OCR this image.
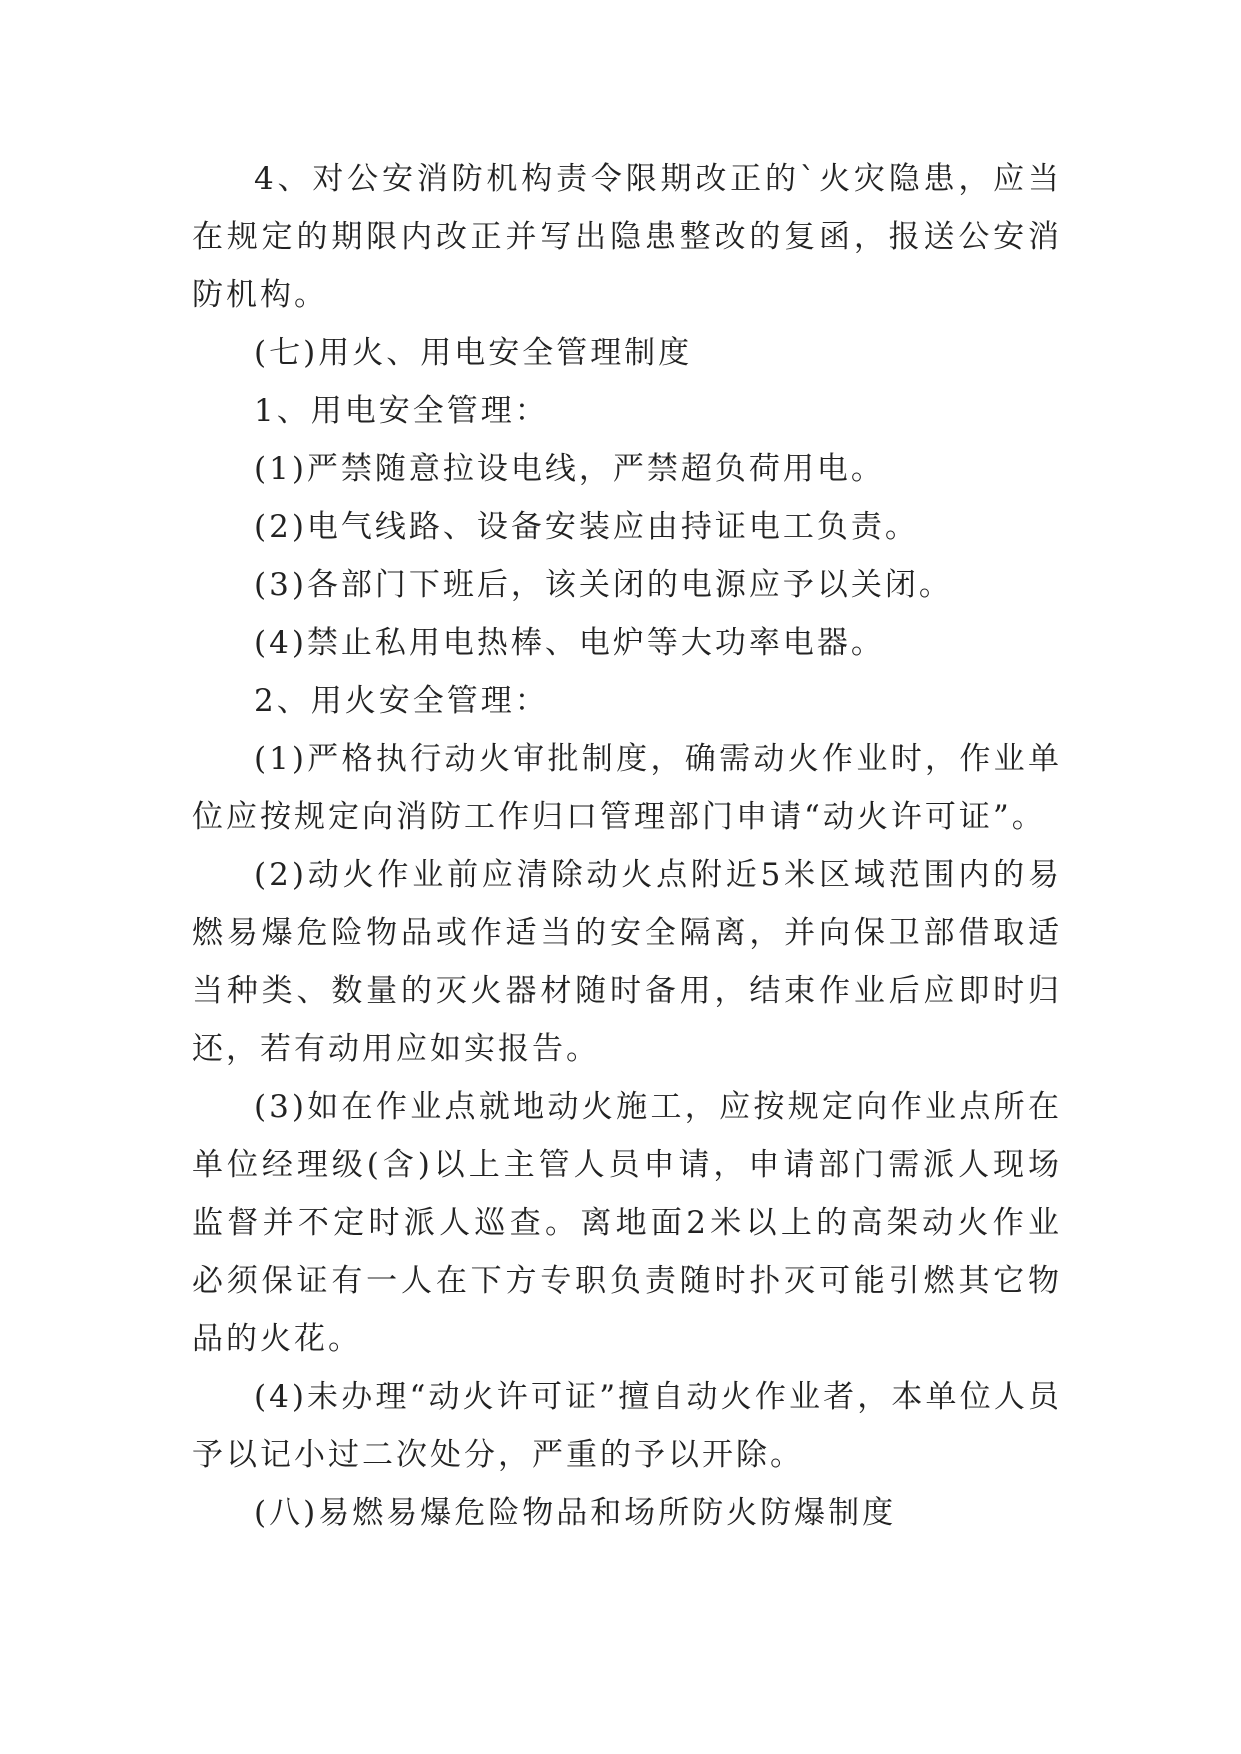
4、对公安消防机构责令限期改正的`火灾隐患，应当在规定的期限内改正并写出隐患整改的复函，报送公安消防机构。

(七)用火、用电安全管理制度

1、用电安全管理：

(1)严禁随意拉设电线，严禁超负荷用电。

(2)电气线路、设备安装应由持证电工负责。

(3)各部门下班后，该关闭的电源应予以关闭。

(4)禁止私用电热棒、电炉等大功率电器。

2、用火安全管理：

(1)严格执行动火审批制度，确需动火作业时，作业单位应按规定向消防工作归口管理部门申请“动火许可证”。

(2)动火作业前应清除动火点附近5米区域范围内的易燃易爆危险物品或作适当的安全隔离，并向保卫部借取适当种类、数量的灭火器材随时备用，结束作业后应即时归还，若有动用应如实报告。

(3)如在作业点就地动火施工，应按规定向作业点所在单位经理级(含)以上主管人员申请，申请部门需派人现场监督并不定时派人巡查。离地面2米以上的高架动火作业必须保证有一人在下方专职负责随时扑灭可能引燃其它物品的火花。

(4)未办理“动火许可证”擅自动火作业者，本单位人员予以记小过二次处分，严重的予以开除。

(八)易燃易爆危险物品和场所防火防爆制度
